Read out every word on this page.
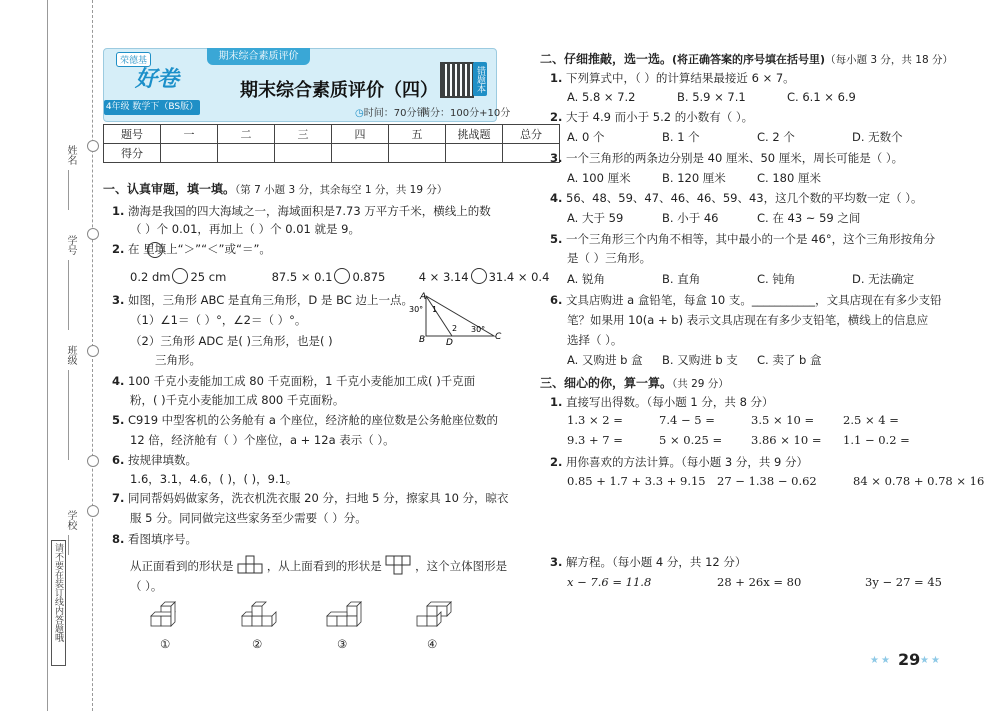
姓名
学号
班级
学校
请不要在装订线内答题哦
期末综合素质评价
荣德基
好卷
4年级 数学下（BS版）
期末综合素质评价（四）	错题本
◷时间：70分钟
满分：100分+10分
题号	一	二	三	四	五	挑战题	总分
得分							
一、认真审题，填一填。（第 7 小题 3 分，其余每空 1 分，共 19 分）
1. 渤海是我国的四大海域之一，海域面积是7.73 万平方千米，横线上的数
（ ）个 0.01，再加上（ ）个 0.01 就是 9。
2. 在 里填上“＞”“＜”或“＝”。
0.2 dm 25 cm	87.5 × 0.1 0.875	4 × 3.14 31.4 × 0.4
3. 如图，三角形 ABC 是直角三角形，D 是 BC 边上一点。
（1）∠1＝（ ）°，∠2＝（ ）°。
（2）三角形 ADC 是( )三角形，也是( )
三角形。
A
B	C
D
30°
30°
1
2
4. 100 千克小麦能加工成 80 千克面粉，1 千克小麦能加工成( )千克面
粉，( )千克小麦能加工成 800 千克面粉。
5. C919 中型客机的公务舱有 a 个座位，经济舱的座位数是公务舱座位数的
12 倍，经济舱有（ ）个座位，a + 12a 表示（ ）。
6. 按规律填数。
1.6，3.1，4.6，( )，( )，9.1。
7. 同同帮妈妈做家务，洗衣机洗衣服 20 分，扫地 5 分，擦家具 10 分，晾衣
服 5 分。同同做完这些家务至少需要（ ）分。
8. 看图填序号。
从正面看到的形状是	，从上面看到的形状是	，这个立体图形是
（ ）。
①	②	③	④
二、仔细推敲，选一选。(将正确答案的序号填在括号里)（每小题 3 分，共 18 分）
1. 下列算式中，（ ）的计算结果最接近 6 × 7。
A. 5.8 × 7.2	B. 5.9 × 7.1	C. 6.1 × 6.9
2. 大于 4.9 而小于 5.2 的小数有（ ）。
A. 0 个	B. 1 个	C. 2 个	D. 无数个
3. 一个三角形的两条边分别是 40 厘米、50 厘米，周长可能是（ ）。
A. 100 厘米	B. 120 厘米	C. 180 厘米
4. 56、48、59、47、46、46、59、43，这几个数的平均数一定（ ）。
A. 大于 59	B. 小于 46	C. 在 43 ~ 59 之间
5. 一个三角形三个内角不相等，其中最小的一个是 46°，这个三角形按角分
是（ ）三角形。
A. 锐角	B. 直角	C. 钝角	D. 无法确定
6. 文具店购进 a 盒铅笔，每盒 10 支。___________，文具店现在有多少支铅
笔？如果用 10(a + b) 表示文具店现在有多少支铅笔，横线上的信息应
选择（ ）。
A. 又购进 b 盒 B. 又购进 b 支 C. 卖了 b 盒
三、细心的你，算一算。（共 29 分）
1. 直接写出得数。（每小题 1 分，共 8 分）
1.3 × 2 =	7.4 − 5 =	3.5 × 10 =	2.5 × 4 =
9.3 + 7 =	5 × 0.25 =	3.86 × 10 = 1.1 − 0.2 =
2. 用你喜欢的方法计算。（每小题 3 分，共 9 分）
0.85 + 1.7 + 3.3 + 9.15 27 − 1.38 − 0.62	84 × 0.78 + 0.78 × 16
3. 解方程。（每小题 4 分，共 12 分）
x − 7.6 = 11.8	28 + 26x = 80	3y − 27 = 45
★★ 29 ★★
